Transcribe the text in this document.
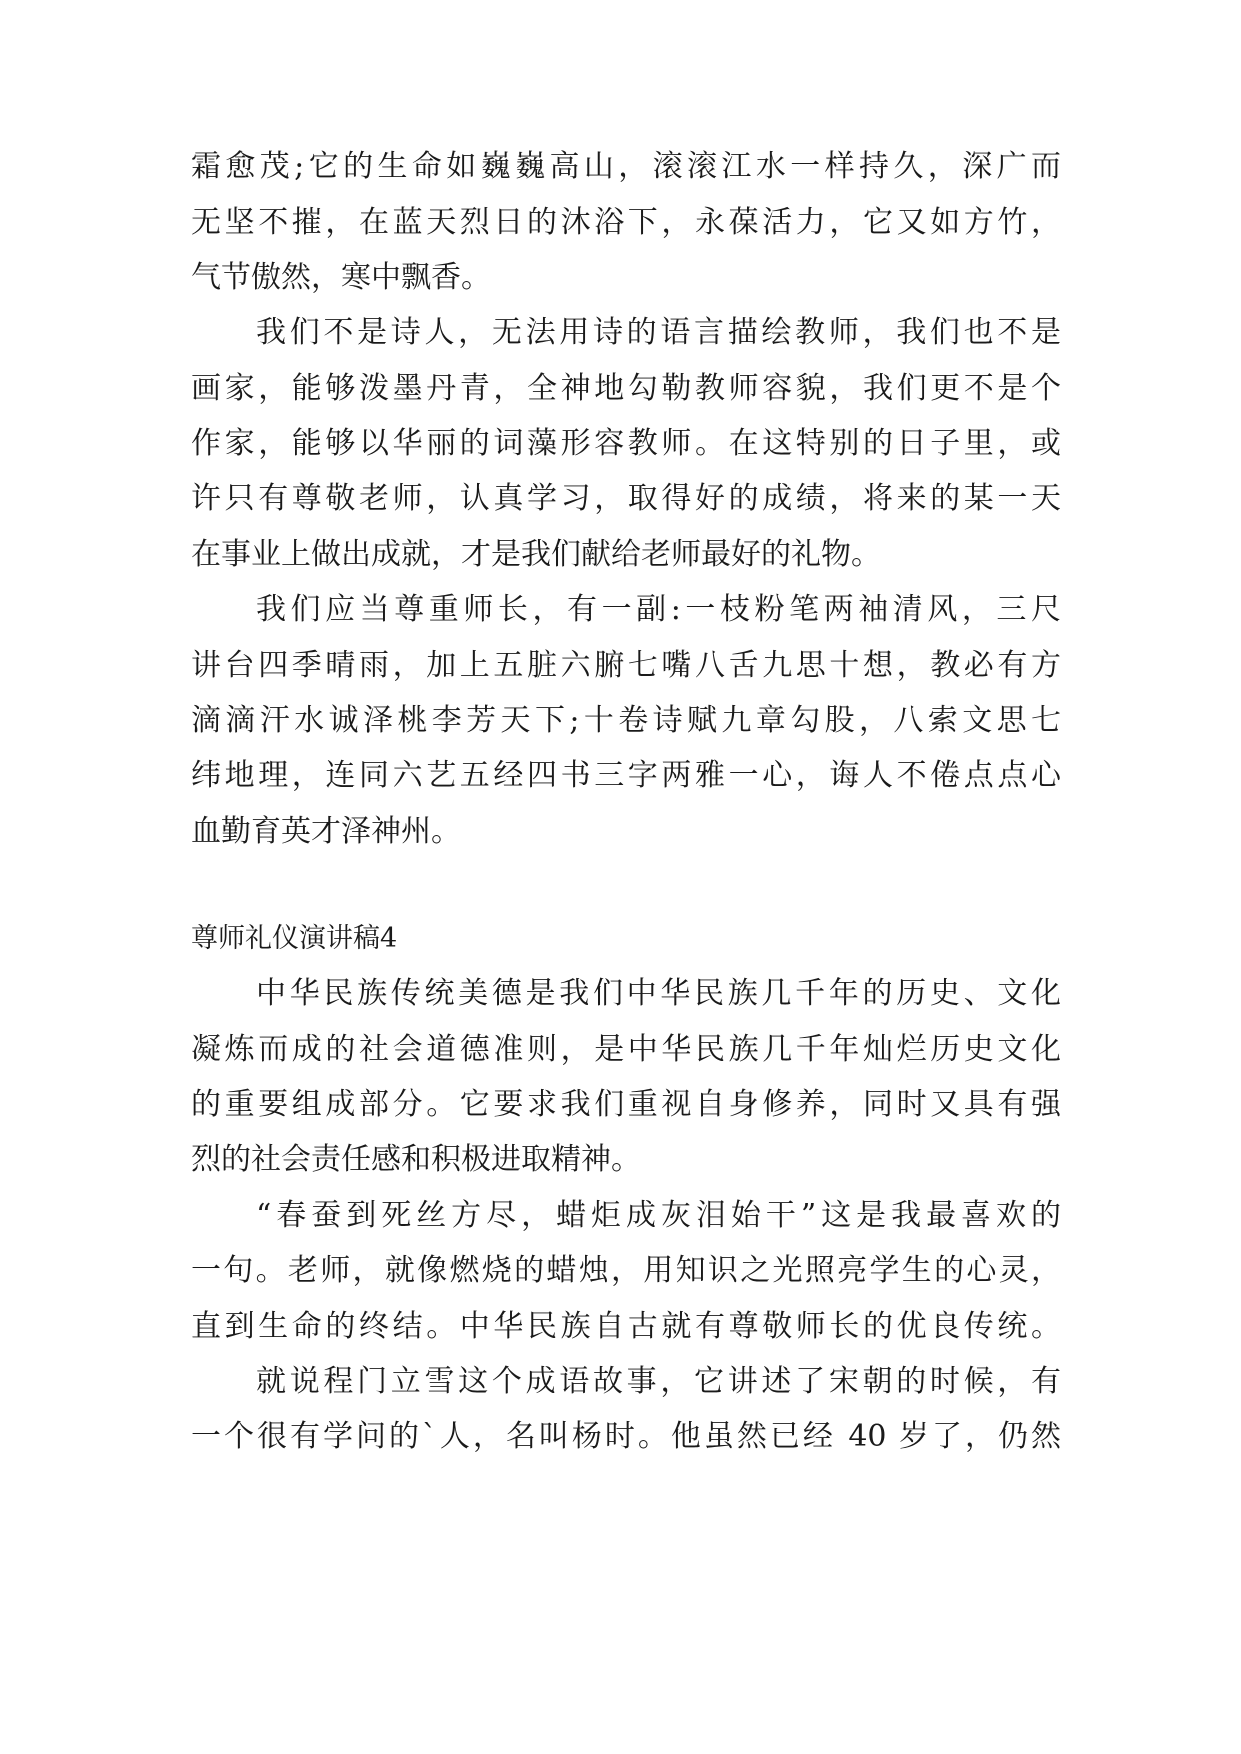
霜愈茂;它的生命如巍巍高山，滚滚江水一样持久，深广而
无坚不摧，在蓝天烈日的沐浴下，永葆活力，它又如方竹，
气节傲然，寒中飘香。
我们不是诗人，无法用诗的语言描绘教师，我们也不是
画家，能够泼墨丹青，全神地勾勒教师容貌，我们更不是个
作家，能够以华丽的词藻形容教师。在这特别的日子里，或
许只有尊敬老师，认真学习，取得好的成绩，将来的某一天
在事业上做出成就，才是我们献给老师最好的礼物。
我们应当尊重师长，有一副:一枝粉笔两袖清风，三尺
讲台四季晴雨，加上五脏六腑七嘴八舌九思十想，教必有方
滴滴汗水诚泽桃李芳天下;十卷诗赋九章勾股，八索文思七
纬地理，连同六艺五经四书三字两雅一心，诲人不倦点点心
血勤育英才泽神州。
尊师礼仪演讲稿4
中华民族传统美德是我们中华民族几千年的历史、文化
凝炼而成的社会道德准则，是中华民族几千年灿烂历史文化
的重要组成部分。它要求我们重视自身修养，同时又具有强
烈的社会责任感和积极进取精神。
“春蚕到死丝方尽，蜡炬成灰泪始干”这是我最喜欢的
一句。老师，就像燃烧的蜡烛，用知识之光照亮学生的心灵，
直到生命的终结。中华民族自古就有尊敬师长的优良传统。
就说程门立雪这个成语故事，它讲述了宋朝的时候，有
一个很有学问的`人，名叫杨时。他虽然已经 40 岁了，仍然
